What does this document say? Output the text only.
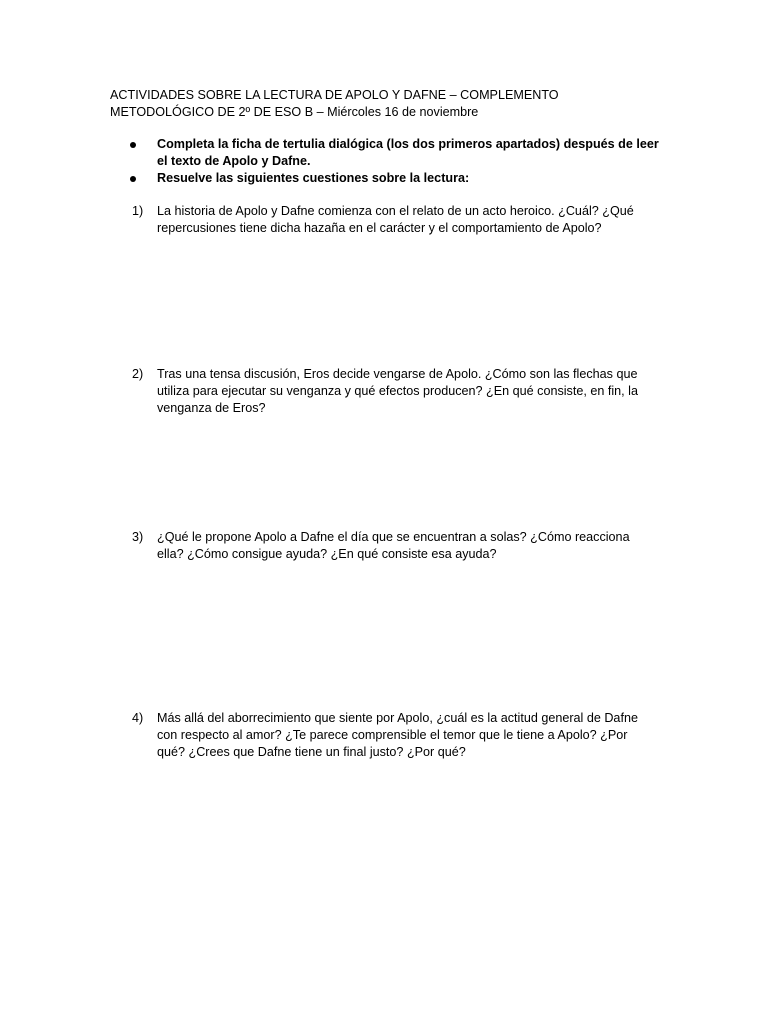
ACTIVIDADES SOBRE LA LECTURA DE APOLO Y DAFNE – COMPLEMENTO METODOLÓGICO DE 2º DE ESO B – Miércoles 16 de noviembre

Completa la ficha de tertulia dialógica (los dos primeros apartados) después de leer el texto de Apolo y Dafne.
Resuelve las siguientes cuestiones sobre la lectura:
1) La historia de Apolo y Dafne comienza con el relato de un acto heroico. ¿Cuál? ¿Qué repercusiones tiene dicha hazaña en el carácter y el comportamiento de Apolo?
2) Tras una tensa discusión, Eros decide vengarse de Apolo. ¿Cómo son las flechas que utiliza para ejecutar su venganza y qué efectos producen? ¿En qué consiste, en fin, la venganza de Eros?
3) ¿Qué le propone Apolo a Dafne el día que se encuentran a solas? ¿Cómo reacciona ella? ¿Cómo consigue ayuda? ¿En qué consiste esa ayuda?
4) Más allá del aborrecimiento que siente por Apolo, ¿cuál es la actitud general de Dafne con respecto al amor? ¿Te parece comprensible el temor que le tiene a Apolo? ¿Por qué? ¿Crees que Dafne tiene un final justo? ¿Por qué?
